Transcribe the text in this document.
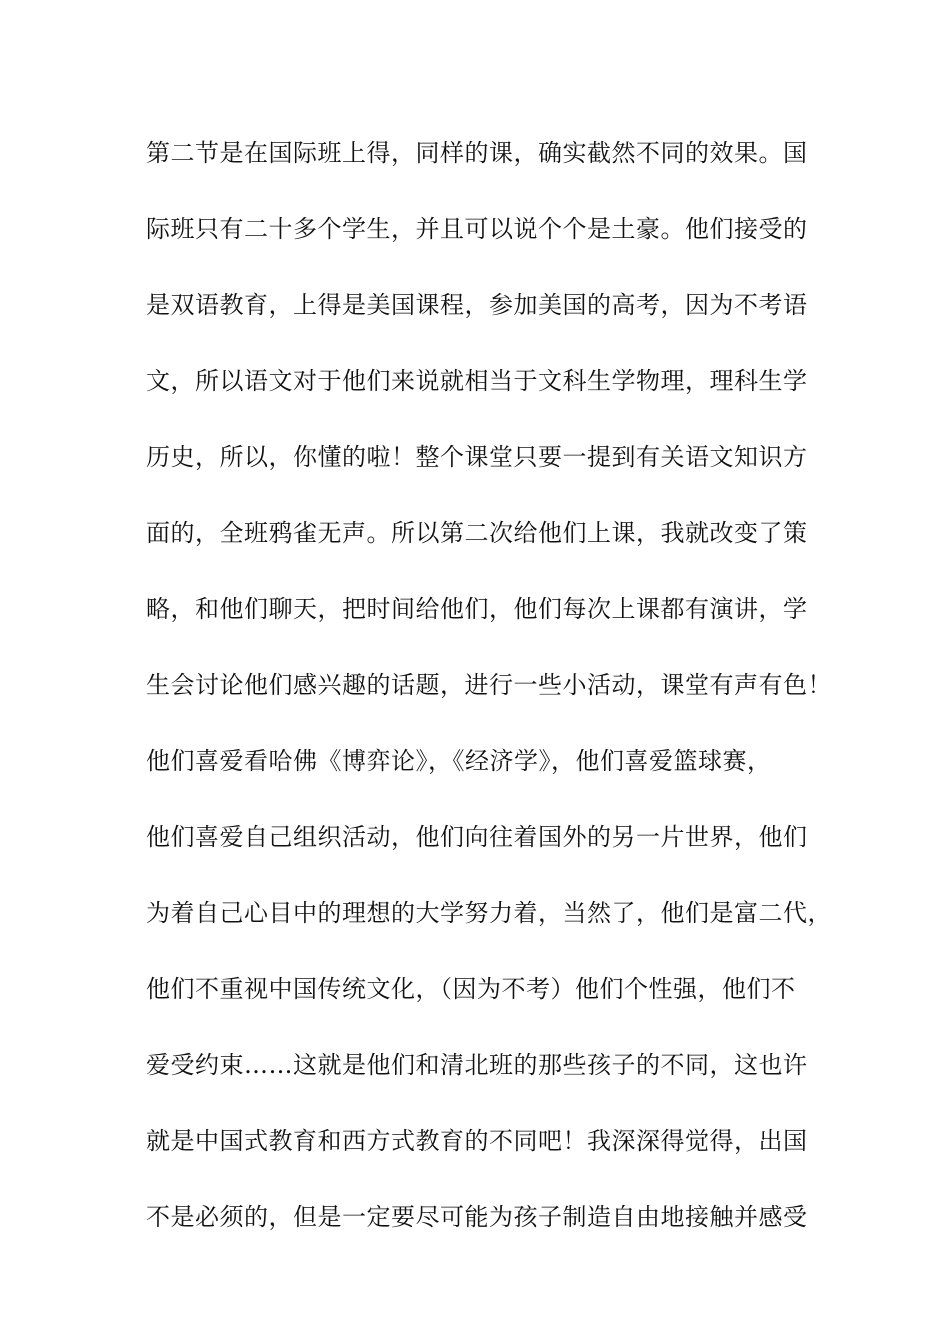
第二节是在国际班上得，同样的课，确实截然不同的效果。国
际班只有二十多个学生，并且可以说个个是土豪。他们接受的
是双语教育，上得是美国课程，参加美国的高考，因为不考语
文，所以语文对于他们来说就相当于文科生学物理，理科生学
历史，所以，你懂的啦！整个课堂只要一提到有关语文知识方
面的，全班鸦雀无声。所以第二次给他们上课，我就改变了策
略，和他们聊天，把时间给他们，他们每次上课都有演讲，学
生会讨论他们感兴趣的话题，进行一些小活动，课堂有声有色！
他们喜爱看哈佛《博弈论》，《经济学》，他们喜爱篮球赛，
他们喜爱自己组织活动，他们向往着国外的另一片世界，他们
为着自己心目中的理想的大学努力着，当然了，他们是富二代，
他们不重视中国传统文化，（因为不考）他们个性强，他们不
爱受约束……这就是他们和清北班的那些孩子的不同，这也许
就是中国式教育和西方式教育的不同吧！我深深得觉得，出国
不是必须的，但是一定要尽可能为孩子制造自由地接触并感受
